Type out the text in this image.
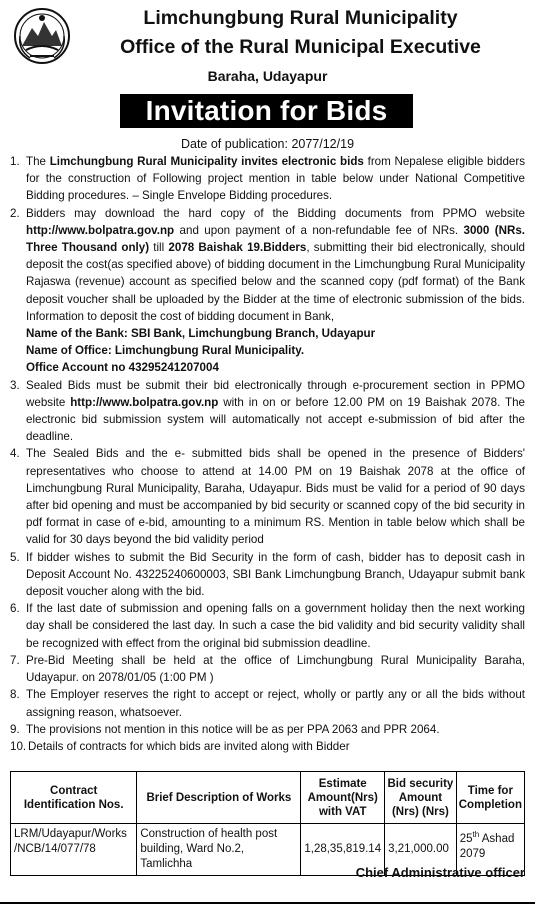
Limchungbung Rural Municipality
Office of the Rural Municipal Executive
Baraha, Udayapur
Invitation for Bids
Date of publication: 2077/12/19
1. The Limchungbung Rural Municipality invites electronic bids from Nepalese eligible bidders for the construction of Following project mention in table below under National Competitive Bidding procedures. – Single Envelope Bidding procedures.
2. Bidders may download the hard copy of the Bidding documents from PPMO website http://www.bolpatra.gov.np and upon payment of a non-refundable fee of NRs. 3000 (NRs. Three Thousand only) till 2078 Baishak 19.Bidders, submitting their bid electronically, should deposit the cost(as specified above) of bidding document in the Limchungbung Rural Municipality Rajaswa (revenue) account as specified below and the scanned copy (pdf format) of the Bank deposit voucher shall be uploaded by the Bidder at the time of electronic submission of the bids. Information to deposit the cost of bidding document in Bank,
Name of the Bank: SBI Bank, Limchungbung Branch, Udayapur
Name of Office: Limchungbung Rural Municipality.
Office Account no 43295241207004
3. Sealed Bids must be submit their bid electronically through e-procurement section in PPMO website http://www.bolpatra.gov.np with in on or before 12.00 PM on 19 Baishak 2078. The electronic bid submission system will automatically not accept e-submission of bid after the deadline.
4. The Sealed Bids and the e- submitted bids shall be opened in the presence of Bidders' representatives who choose to attend at 14.00 PM on 19 Baishak 2078 at the office of Limchungbung Rural Municipality, Baraha, Udayapur. Bids must be valid for a period of 90 days after bid opening and must be accompanied by bid security or scanned copy of the bid security in pdf format in case of e-bid, amounting to a minimum RS. Mention in table below which shall be valid for 30 days beyond the bid validity period
5. If bidder wishes to submit the Bid Security in the form of cash, bidder has to deposit cash in Deposit Account No. 43225240600003, SBI Bank Limchungbung Branch, Udayapur submit bank deposit voucher along with the bid.
6. If the last date of submission and opening falls on a government holiday then the next working day shall be considered the last day. In such a case the bid validity and bid security validity shall be recognized with effect from the original bid submission deadline.
7. Pre-Bid Meeting shall be held at the office of Limchungbung Rural Municipality Baraha, Udayapur. on 2078/01/05 (1:00 PM )
8. The Employer reserves the right to accept or reject, wholly or partly any or all the bids without assigning reason, whatsoever.
9. The provisions not mention in this notice will be as per PPA 2063 and PPR 2064.
10. Details of contracts for which bids are invited along with Bidder
Contract Identification Nos.	Brief Description of Works	Estimate Amount(Nrs) with VAT	Bid security Amount (Nrs) (Nrs)	Time for Completion
LRM/Udayapur/Works /NCB/14/077/78	Construction of health post building, Ward No.2, Tamlichha	1,28,35,819.14	3,21,000.00	25th Ashad 2079
Chief Administrative officer
